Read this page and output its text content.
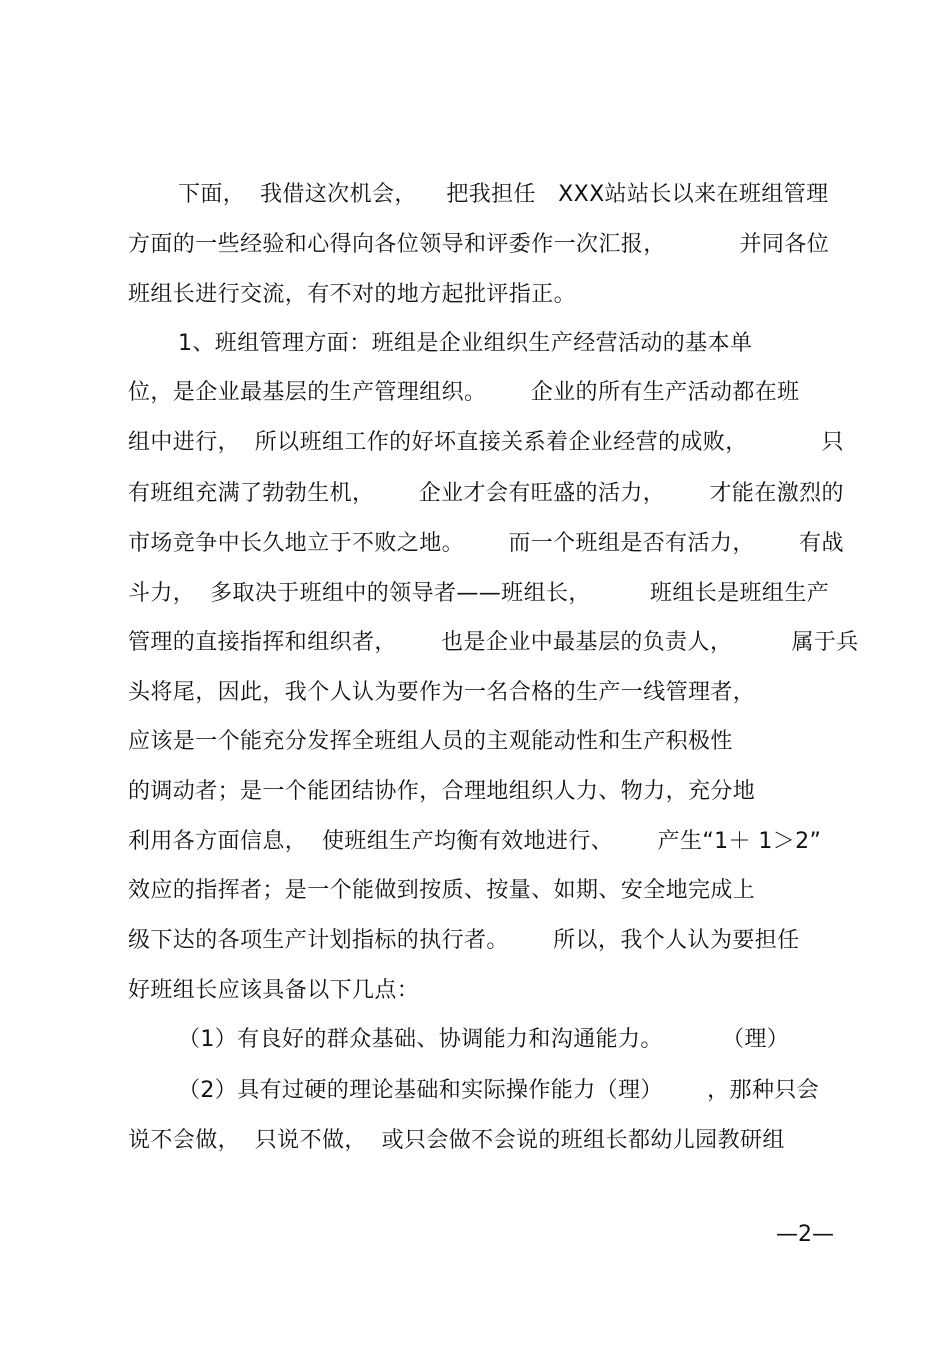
下面，  我借这次机会，    把我担任   XXX站站长以来在班组管理
方面的一些经验和心得向各位领导和评委作一次汇报，          并同各位
班组长进行交流，有不对的地方起批评指正。
1、班组管理方面：班组是企业组织生产经营活动的基本单
位，是企业最基层的生产管理组织。      企业的所有生产活动都在班
组中进行，  所以班组工作的好坏直接关系着企业经营的成败，          只
有班组充满了勃勃生机，      企业才会有旺盛的活力，      才能在激烈的
市场竞争中长久地立于不败之地。      而一个班组是否有活力，      有战
斗力，  多取决于班组中的领导者——班组长，        班组长是班组生产
管理的直接指挥和组织者，      也是企业中最基层的负责人，        属于兵
头将尾，因此，我个人认为要作为一名合格的生产一线管理者，
应该是一个能充分发挥全班组人员的主观能动性和生产积极性
的调动者；是一个能团结协作，合理地组织人力、物力，充分地
利用各方面信息，  使班组生产均衡有效地进行、      产生“1＋ 1＞2”
效应的指挥者；是一个能做到按质、按量、如期、安全地完成上
级下达的各项生产计划指标的执行者。      所以，我个人认为要担任
好班组长应该具备以下几点：
（1）有良好的群众基础、协调能力和沟通能力。        （理）
（2）具有过硬的理论基础和实际操作能力（理）      ，那种只会
说不会做，  只说不做，  或只会做不会说的班组长都幼儿园教研组
—2—
